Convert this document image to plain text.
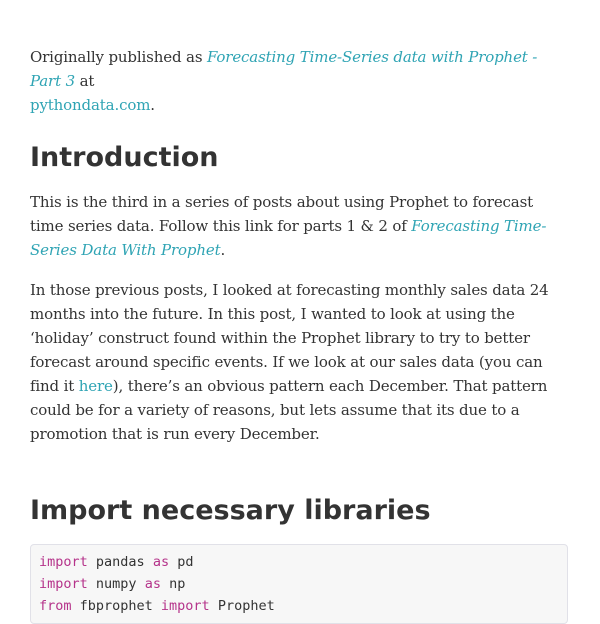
Originally published as Forecasting Time-Series data with Prophet - Part 3 at
pythondata.com.

Introduction

This is the third in a series of posts about using Prophet to forecast time series data. Follow this link for parts 1 & 2 of Forecasting Time-Series Data With Prophet.

In those previous posts, I looked at forecasting monthly sales data 24 months into the future. In this post, I wanted to look at using the ‘holiday’ construct found within the Prophet library to try to better forecast around specific events. If we look at our sales data (you can find it here), there’s an obvious pattern each December. That pattern could be for a variety of reasons, but lets assume that its due to a promotion that is run every December.

Import necessary libraries
import pandas as pd
import numpy as np
from fbprophet import Prophet
